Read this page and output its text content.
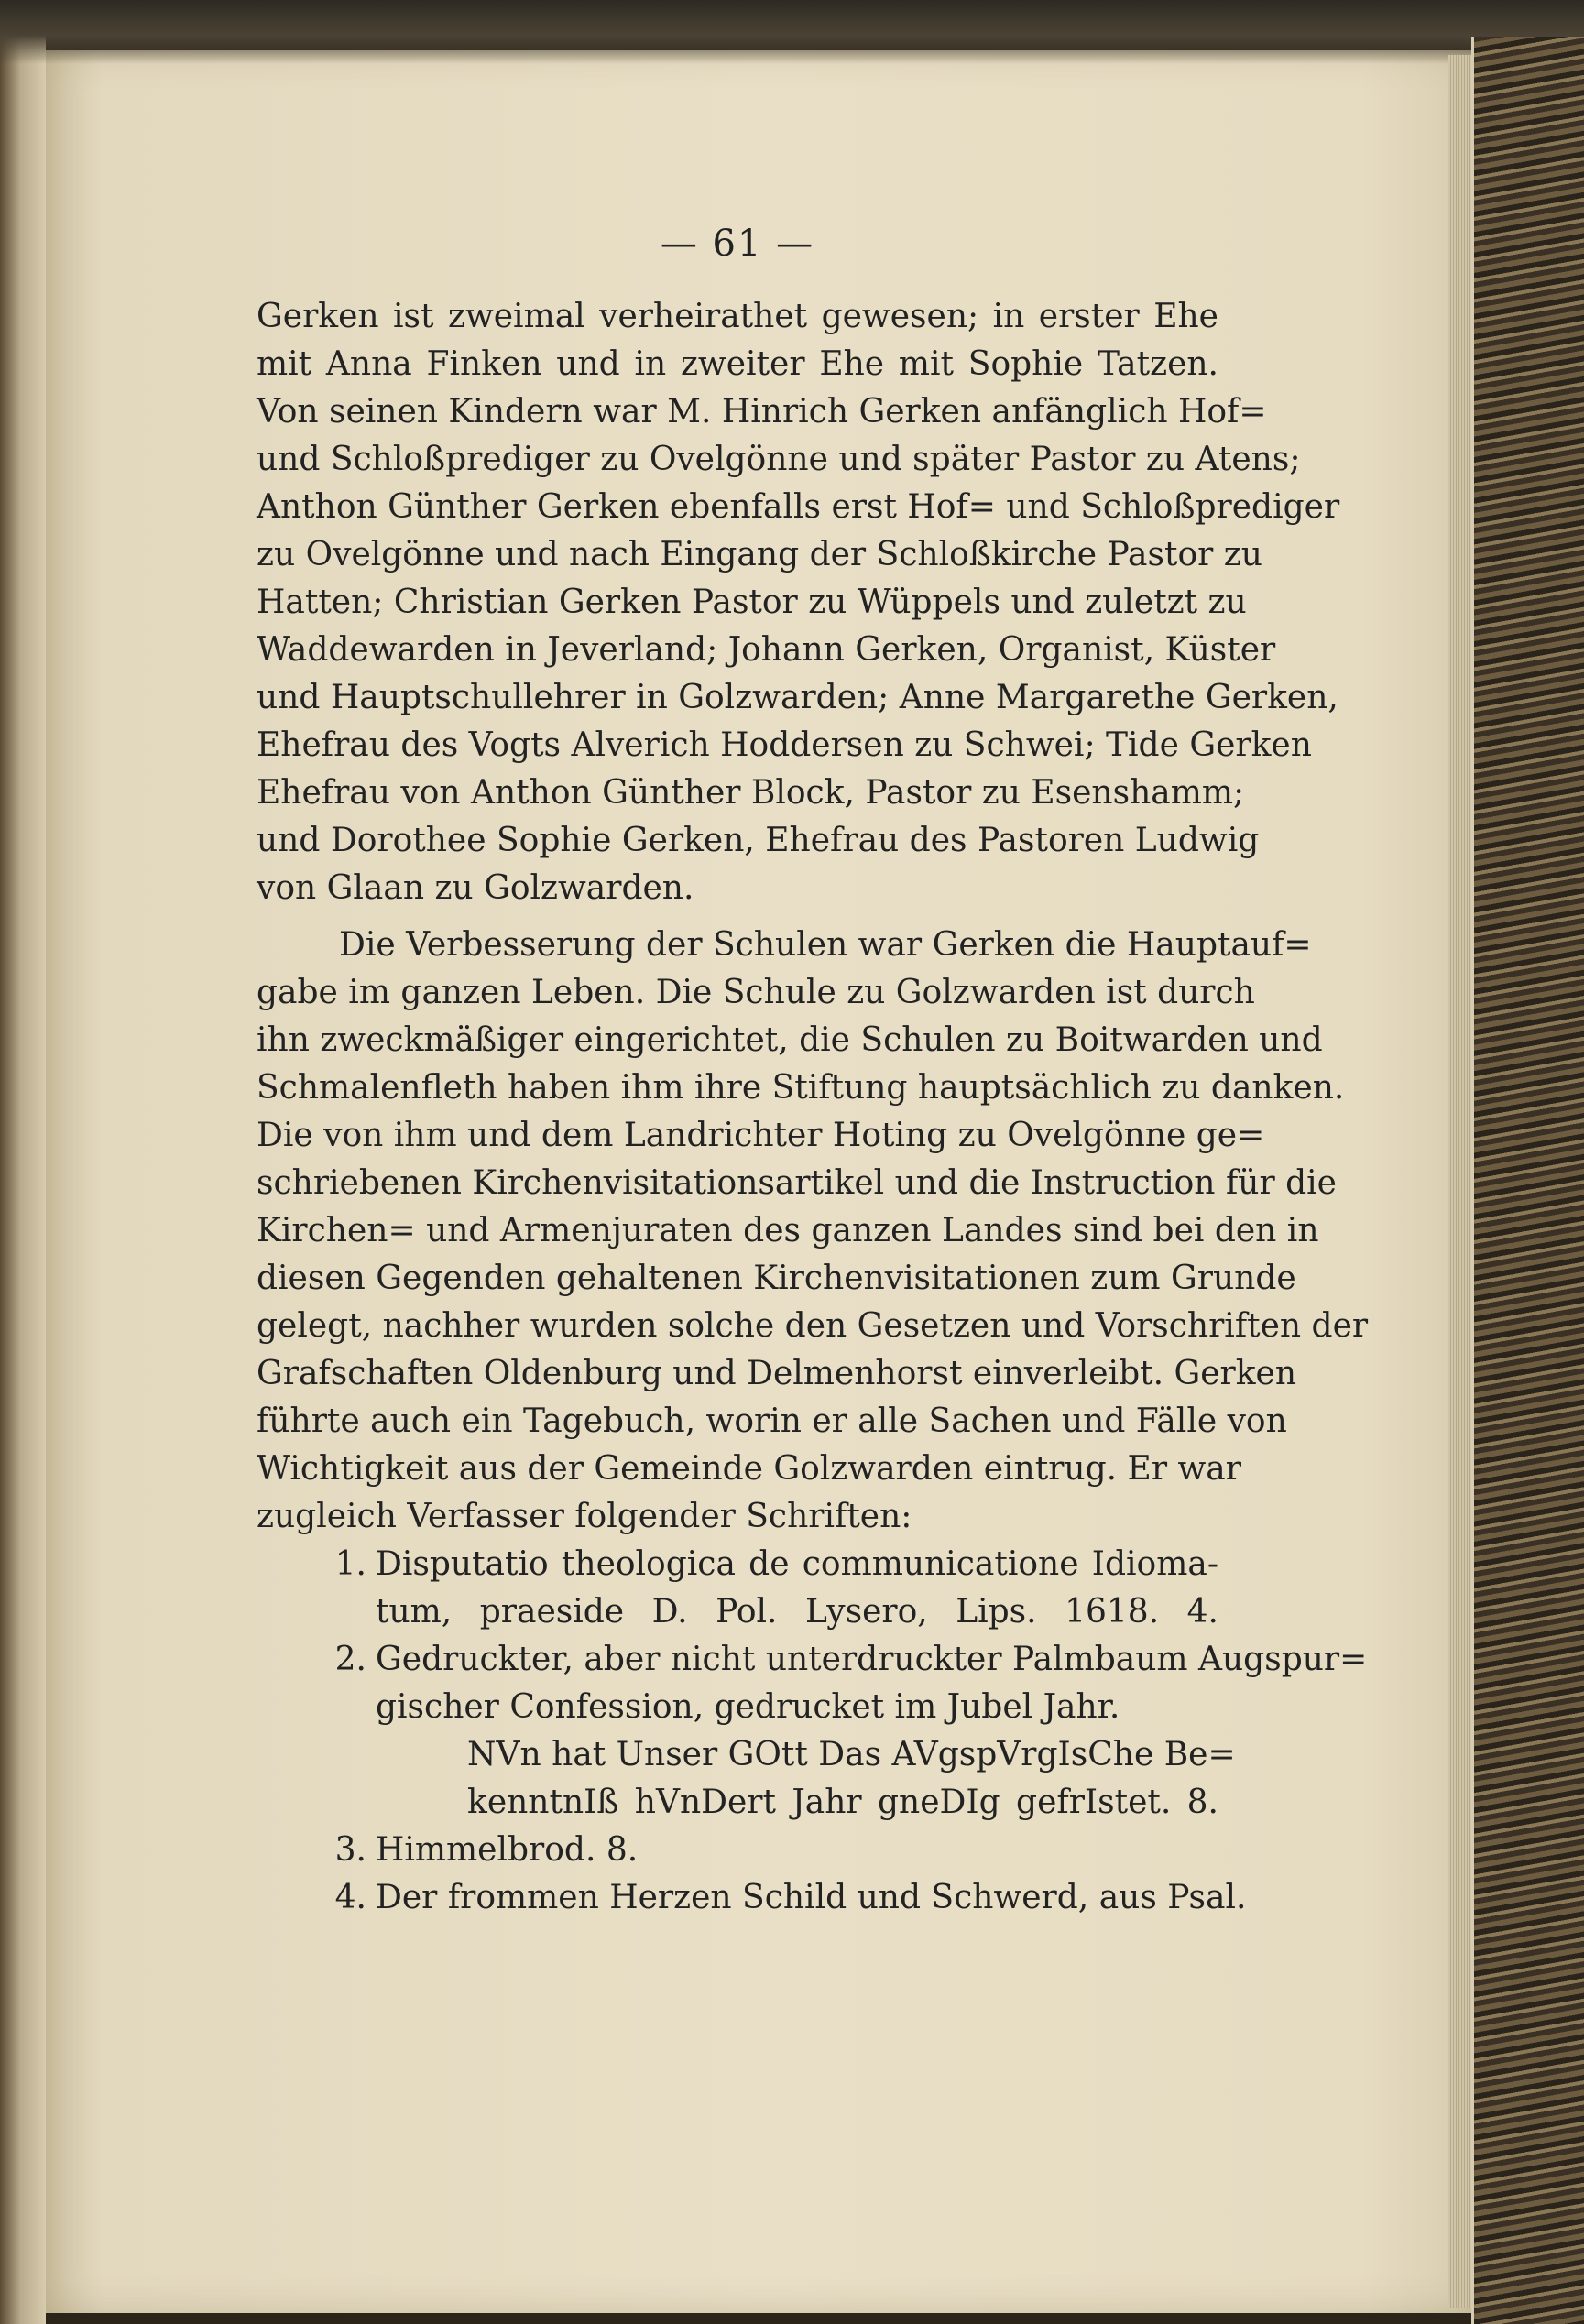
— 61 —
Gerken ist zweimal verheirathet gewesen; in erster Ehe
mit Anna Finken und in zweiter Ehe mit Sophie Tatzen.
Von seinen Kindern war M. Hinrich Gerken anfänglich Hof=
und Schloßprediger zu Ovelgönne und später Pastor zu Atens;
Anthon Günther Gerken ebenfalls erst Hof= und Schloßprediger
zu Ovelgönne und nach Eingang der Schloßkirche Pastor zu
Hatten; Christian Gerken Pastor zu Wüppels und zuletzt zu
Waddewarden in Jeverland; Johann Gerken, Organist, Küster
und Hauptschullehrer in Golzwarden; Anne Margarethe Gerken,
Ehefrau des Vogts Alverich Hoddersen zu Schwei; Tide Gerken
Ehefrau von Anthon Günther Block, Pastor zu Esenshamm;
und Dorothee Sophie Gerken, Ehefrau des Pastoren Ludwig
von Glaan zu Golzwarden.
Die Verbesserung der Schulen war Gerken die Hauptauf=
gabe im ganzen Leben. Die Schule zu Golzwarden ist durch
ihn zweckmäßiger eingerichtet, die Schulen zu Boitwarden und
Schmalenfleth haben ihm ihre Stiftung hauptsächlich zu danken.
Die von ihm und dem Landrichter Hoting zu Ovelgönne ge=
schriebenen Kirchenvisitationsartikel und die Instruction für die
Kirchen= und Armenjuraten des ganzen Landes sind bei den in
diesen Gegenden gehaltenen Kirchenvisitationen zum Grunde
gelegt, nachher wurden solche den Gesetzen und Vorschriften der
Grafschaften Oldenburg und Delmenhorst einverleibt. Gerken
führte auch ein Tagebuch, worin er alle Sachen und Fälle von
Wichtigkeit aus der Gemeinde Golzwarden eintrug. Er war
zugleich Verfasser folgender Schriften:
1. Disputatio theologica de communicatione Idioma-
tum, praeside D. Pol. Lysero, Lips. 1618. 4.
2. Gedruckter, aber nicht unterdruckter Palmbaum Augspur=
gischer Confession, gedrucket im Jubel Jahr.
NVn hat Unser GOtt Das AVgspVrgIsChe Be=
kenntnIß hVnDert Jahr gneDIg gefrIstet. 8.
3. Himmelbrod. 8.
4. Der frommen Herzen Schild und Schwerd, aus Psal.
